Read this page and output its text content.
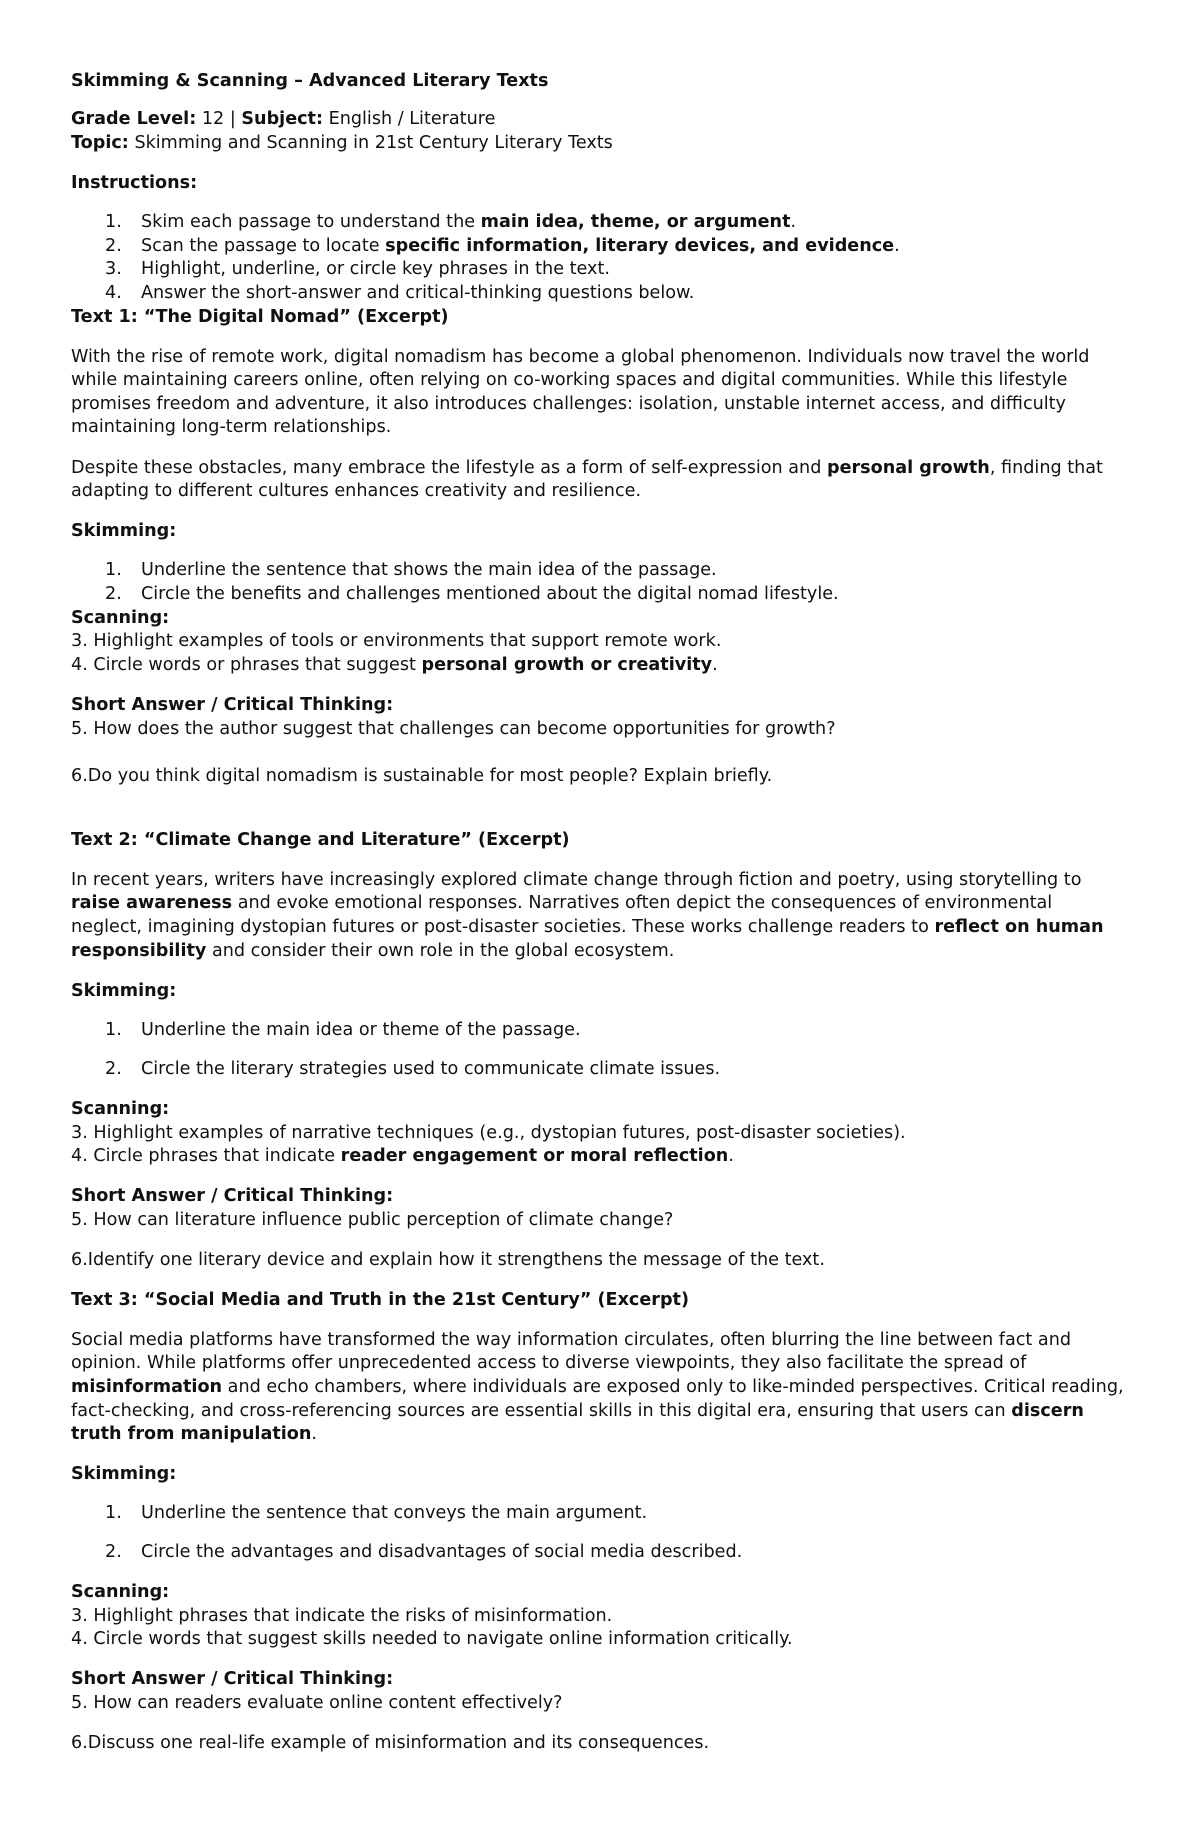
Skimming & Scanning – Advanced Literary Texts
Grade Level: 12 | Subject: English / Literature
Topic: Skimming and Scanning in 21st Century Literary Texts
Instructions:
1. Skim each passage to understand the main idea, theme, or argument.
2. Scan the passage to locate specific information, literary devices, and evidence.
3. Highlight, underline, or circle key phrases in the text.
4. Answer the short-answer and critical-thinking questions below.
Text 1: “The Digital Nomad” (Excerpt)
With the rise of remote work, digital nomadism has become a global phenomenon. Individuals now travel the world
while maintaining careers online, often relying on co-working spaces and digital communities. While this lifestyle
promises freedom and adventure, it also introduces challenges: isolation, unstable internet access, and difficulty
maintaining long-term relationships.
Despite these obstacles, many embrace the lifestyle as a form of self-expression and personal growth, finding that
adapting to different cultures enhances creativity and resilience.
Skimming:
1. Underline the sentence that shows the main idea of the passage.
2. Circle the benefits and challenges mentioned about the digital nomad lifestyle.
Scanning:
3. Highlight examples of tools or environments that support remote work.
4. Circle words or phrases that suggest personal growth or creativity.
Short Answer / Critical Thinking:
5. How does the author suggest that challenges can become opportunities for growth?
6.Do you think digital nomadism is sustainable for most people? Explain briefly.
Text 2: “Climate Change and Literature” (Excerpt)
In recent years, writers have increasingly explored climate change through fiction and poetry, using storytelling to
raise awareness and evoke emotional responses. Narratives often depict the consequences of environmental
neglect, imagining dystopian futures or post-disaster societies. These works challenge readers to reflect on human
responsibility and consider their own role in the global ecosystem.
Skimming:
1. Underline the main idea or theme of the passage.
2. Circle the literary strategies used to communicate climate issues.
Scanning:
3. Highlight examples of narrative techniques (e.g., dystopian futures, post-disaster societies).
4. Circle phrases that indicate reader engagement or moral reflection.
Short Answer / Critical Thinking:
5. How can literature influence public perception of climate change?
6.Identify one literary device and explain how it strengthens the message of the text.
Text 3: “Social Media and Truth in the 21st Century” (Excerpt)
Social media platforms have transformed the way information circulates, often blurring the line between fact and
opinion. While platforms offer unprecedented access to diverse viewpoints, they also facilitate the spread of
misinformation and echo chambers, where individuals are exposed only to like-minded perspectives. Critical reading,
fact-checking, and cross-referencing sources are essential skills in this digital era, ensuring that users can discern
truth from manipulation.
Skimming:
1. Underline the sentence that conveys the main argument.
2. Circle the advantages and disadvantages of social media described.
Scanning:
3. Highlight phrases that indicate the risks of misinformation.
4. Circle words that suggest skills needed to navigate online information critically.
Short Answer / Critical Thinking:
5. How can readers evaluate online content effectively?
6.Discuss one real-life example of misinformation and its consequences.
